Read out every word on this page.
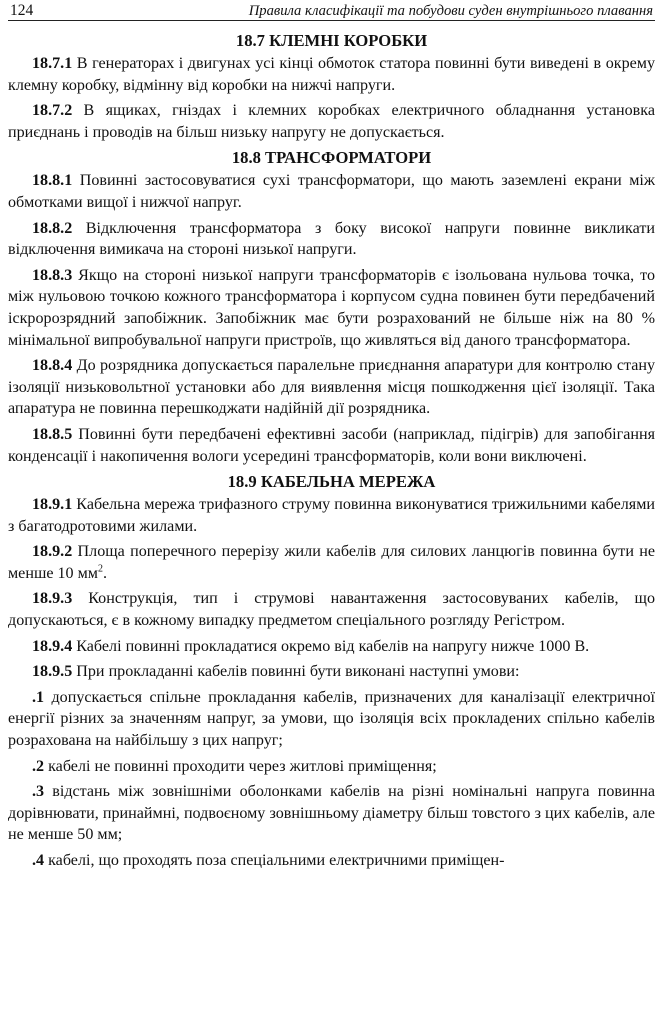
124	Правила класифікації та побудови суден внутрішнього плавання
18.7 КЛЕМНІ КОРОБКИ

18.7.1 В генераторах і двигунах усі кінці обмоток статора повинні бути виведені в окрему клемну коробку, відмінну від коробки на нижчі напруги.

18.7.2 В ящиках, гніздах і клемних коробках електричного обладнання установка приєднань і проводів на більш низьку напругу не допускається.

18.8 ТРАНСФОРМАТОРИ

18.8.1 Повинні застосовуватися сухі трансформатори, що мають заземлені екрани між обмотками вищої і нижчої напруг.

18.8.2 Відключення трансформатора з боку високої напруги повинне викликати відключення вимикача на стороні низької напруги.

18.8.3 Якщо на стороні низької напруги трансформаторів є ізольована нульова точка, то між нульовою точкою кожного трансформатора і корпусом судна повинен бути передбачений іскророзрядний запобіжник. Запобіжник має бути розрахований не більше ніж на 80 % мінімальної випробувальної напруги пристроїв, що живляться від даного трансформатора.

18.8.4 До розрядника допускається паралельне приєднання апаратури для контролю стану ізоляції низьковольтної установки або для виявлення місця пошкодження цієї ізоляції. Така апаратура не повинна перешкоджати надійній дії розрядника.

18.8.5 Повинні бути передбачені ефективні засоби (наприклад, підігрів) для запобігання конденсації і накопичення вологи усередині трансформаторів, коли вони виключені.

18.9 КАБЕЛЬНА МЕРЕЖА

18.9.1 Кабельна мережа трифазного струму повинна виконуватися трижильними кабелями з багатодротовими жилами.

18.9.2 Площа поперечного перерізу жили кабелів для силових ланцюгів повинна бути не менше 10 $мм^2$.

18.9.3 Конструкція, тип і струмові навантаження застосовуваних кабелів, що допускаються, є в кожному випадку предметом спеціального розгляду Регістром.

18.9.4 Кабелі повинні прокладатися окремо від кабелів на напругу нижче 1000 В.

18.9.5 При прокладанні кабелів повинні бути виконані наступні умови:

.1 допускається спільне прокладання кабелів, призначених для каналізації електричної енергії різних за значенням напруг, за умови, що ізоляція всіх прокладених спільно кабелів розрахована на найбільшу з цих напруг;

.2 кабелі не повинні проходити через житлові приміщення;

.3 відстань між зовнішніми оболонками кабелів на різні номінальні напруга повинна дорівнювати, принаймні, подвоєному зовнішньому діаметру більш товстого з цих кабелів, але не менше 50 мм;

.4 кабелі, що проходять поза спеціальними електричними приміщен-
